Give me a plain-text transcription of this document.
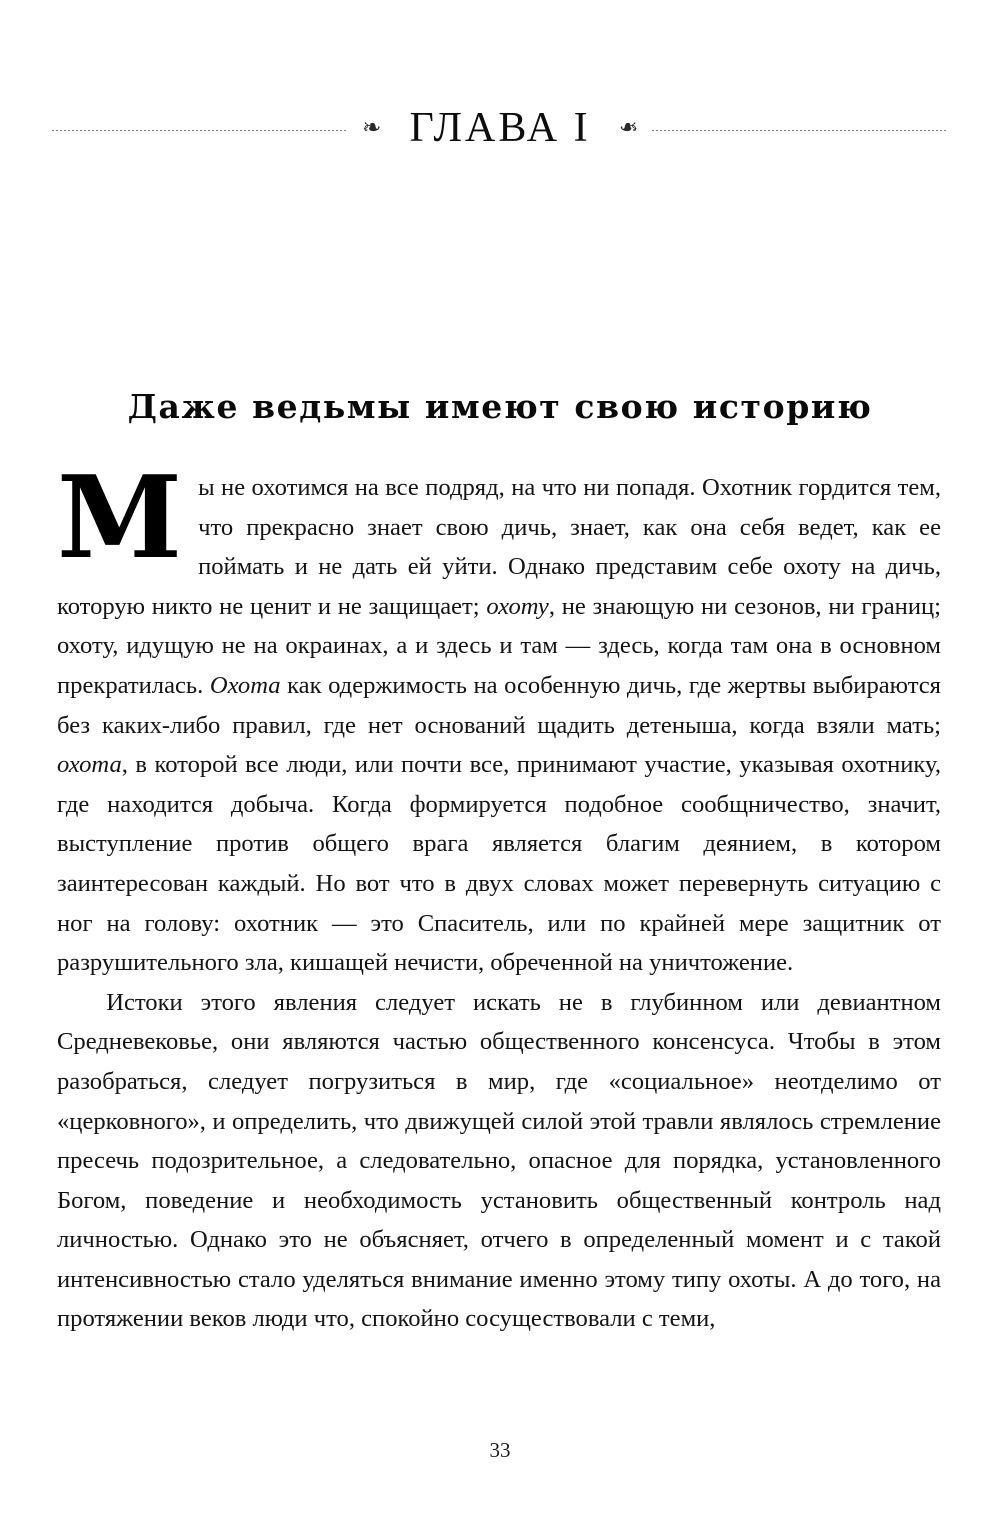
❧ ГЛАВА I	❧
Даже ведьмы имеют свою историю

Мы не охотимся на все подряд, на что ни попадя. Охотник гордится тем, что прекрасно знает свою дичь, знает, как она себя ведет, как ее поймать и не дать ей уйти. Однако представим себе охоту на дичь, которую никто не ценит и не защищает; охоту, не знающую ни сезонов, ни границ; охоту, идущую не на окраинах, а и здесь и там — здесь, когда там она в основном прекратилась. Охота как одержимость на особенную дичь, где жертвы выбираются без каких-либо правил, где нет оснований щадить детеныша, когда взяли мать; охота, в которой все люди, или почти все, принимают участие, указывая охотнику, где находится добыча. Когда формируется подобное сообщничество, значит, выступление против общего врага является благим деянием, в котором заинтересован каждый. Но вот что в двух словах может перевернуть ситуацию с ног на голову: охотник — это Спаситель, или по крайней мере защитник от разрушительного зла, кишащей нечисти, обреченной на уничтожение.

Истоки этого явления следует искать не в глубинном или девиантном Средневековье, они являются частью общественного консенсуса. Чтобы в этом разобраться, следует погрузиться в мир, где «социальное» неотделимо от «церковного», и определить, что движущей силой этой травли являлось стремление пресечь подозрительное, а следовательно, опасное для порядка, установленного Богом, поведение и необходимость установить общественный контроль над личностью. Однако это не объясняет, отчего в определенный момент и с такой интенсивностью стало уделяться внимание именно этому типу охоты. А до того, на протяжении веков люди что, спокойно сосуществовали с теми,

33
